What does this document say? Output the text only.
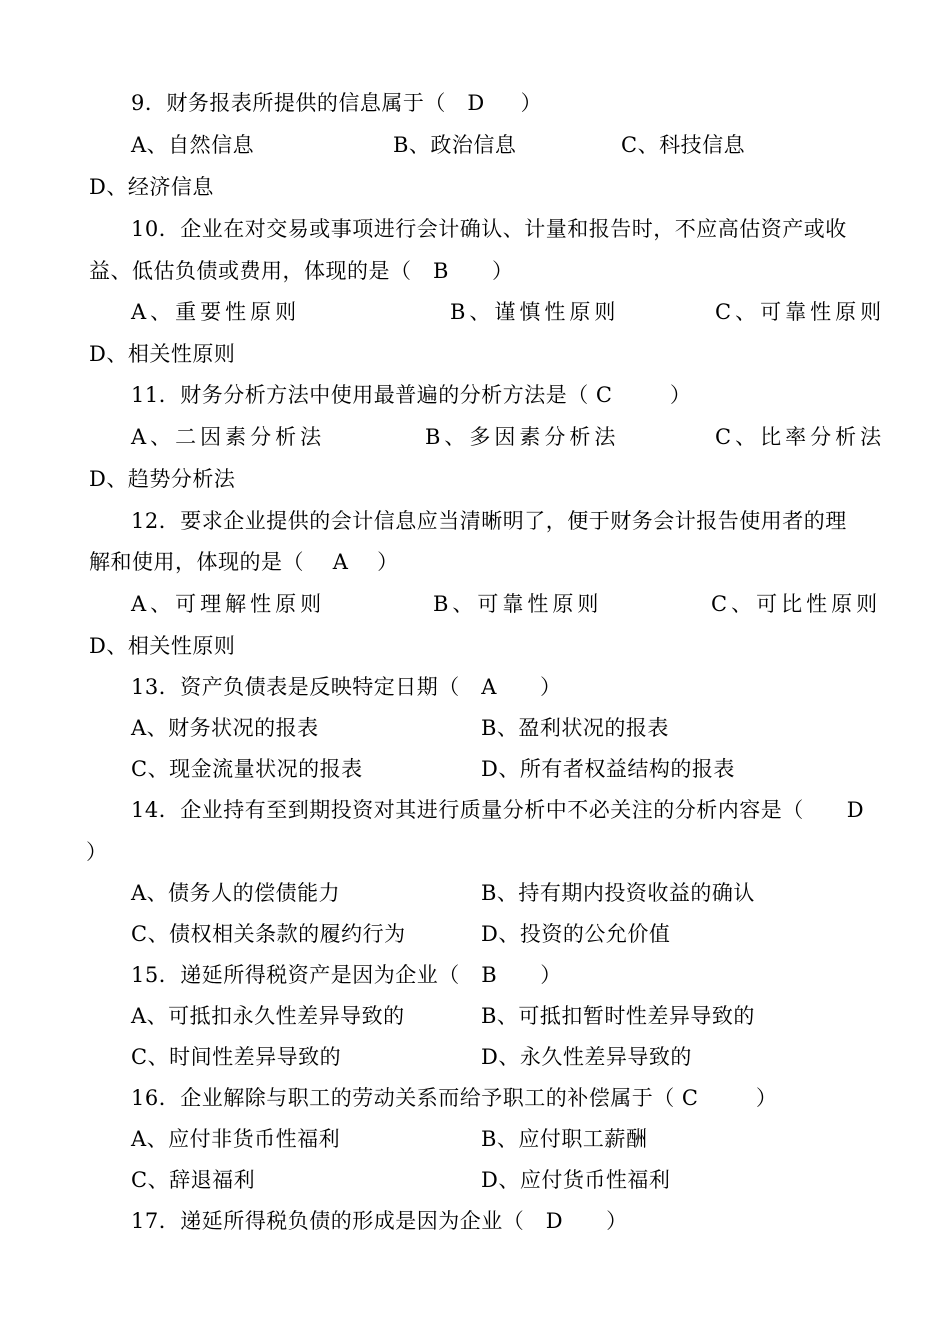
9．财务报表所提供的信息属于（   D     ）
A、自然信息	B、政治信息	C、科技信息
D、经济信息
10．企业在对交易或事项进行会计确认、计量和报告时，不应高估资产或收
益、低估负债或费用，体现的是（   B      ）
A、重要性原则	B、谨慎性原则	C、可靠性原则
D、相关性原则
11．财务分析方法中使用最普遍的分析方法是（ C        ）
A、二因素分析法	B、多因素分析法	C、比率分析法
D、趋势分析法
12．要求企业提供的会计信息应当清晰明了，便于财务会计报告使用者的理
解和使用，体现的是（    A    ）
A、可理解性原则	B、可靠性原则	C、可比性原则
D、相关性原则
13．资产负债表是反映特定日期（   A      ）
A、财务状况的报表	B、盈利状况的报表
C、现金流量状况的报表	D、所有者权益结构的报表
14．企业持有至到期投资对其进行质量分析中不必关注的分析内容是（      D
）
A、债务人的偿债能力	B、持有期内投资收益的确认
C、债权相关条款的履约行为	D、投资的公允价值
15．递延所得税资产是因为企业（   B      ）
A、可抵扣永久性差异导致的	B、可抵扣暂时性差异导致的
C、时间性差异导致的	D、永久性差异导致的
16．企业解除与职工的劳动关系而给予职工的补偿属于（ C        ）
A、应付非货币性福利	B、应付职工薪酬
C、辞退福利	D、应付货币性福利
17．递延所得税负债的形成是因为企业（   D      ）
